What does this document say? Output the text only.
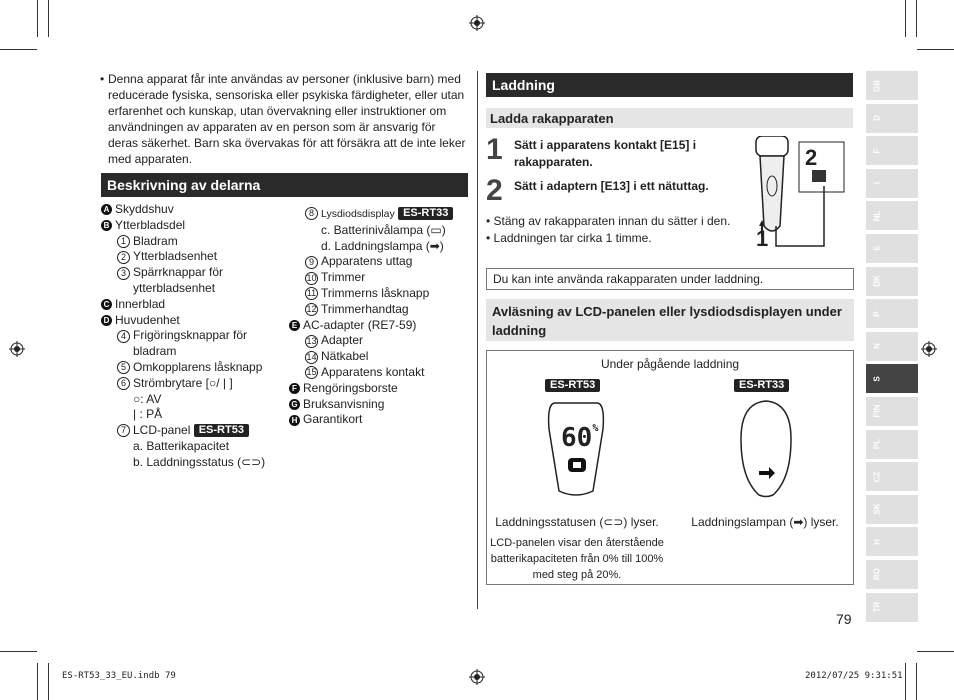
• Denna apparat får inte användas av personer (inklusive barn) med reducerade fysiska, sensoriska eller psykiska färdigheter, eller utan erfarenhet och kunskap, utan övervakning eller instruktioner om användningen av apparaten av en person som är ansvarig för deras säkerhet. Barn ska övervakas för att försäkra att de inte leker med apparaten.
Beskrivning av delarna
A Skyddshuv
B Ytterbladsdel
1 Bladram
2 Ytterbladsenhet
3 Spärrknappar för
ytterbladsenhet
C Innerblad
D Huvudenhet
4 Frigöringsknappar för
bladram
5 Omkopplarens låsknapp
6 Strömbrytare [○/ | ]
○: AV
| : PÅ
7 LCD-panel ES-RT53
a. Batterikapacitet
b. Laddningsstatus (⊂⊃)
8 Lysdiodsdisplay ES-RT33
c. Batterinivålampa (▭)
d. Laddningslampa (➡)
9 Apparatens uttag
10 Trimmer
11 Trimmerns låsknapp
12 Trimmerhandtag
E AC-adapter (RE7-59)
13 Adapter
14 Nätkabel
15 Apparatens kontakt
F Rengöringsborste
G Bruksanvisning
H Garantikort
Laddning
Ladda rakapparaten
1 Sätt i apparatens kontakt [E15] i rakapparaten.
2 Sätt i adaptern [E13] i ett nätuttag.
1
2
• Stäng av rakapparaten innan du sätter i den.
• Laddningen tar cirka 1 timme.
Du kan inte använda rakapparaten under laddning.
Avläsning av LCD-panelen eller lysdiodsdisplayen under laddning
Under pågående laddning
ES-RT53	ES-RT33
60%
Laddningsstatusen (⊂⊃) lyser.	Laddningslampan (➡) lyser.
LCD-panelen visar den återstående batterikapaciteten från 0% till 100% med steg på 20%.
GB
D
F
I
NL
E
DK
P
N
S
FIN
PL
CZ
SK
H
RO
TR
79
ES-RT53_33_EU.indb 79	2012/07/25 9:31:51
